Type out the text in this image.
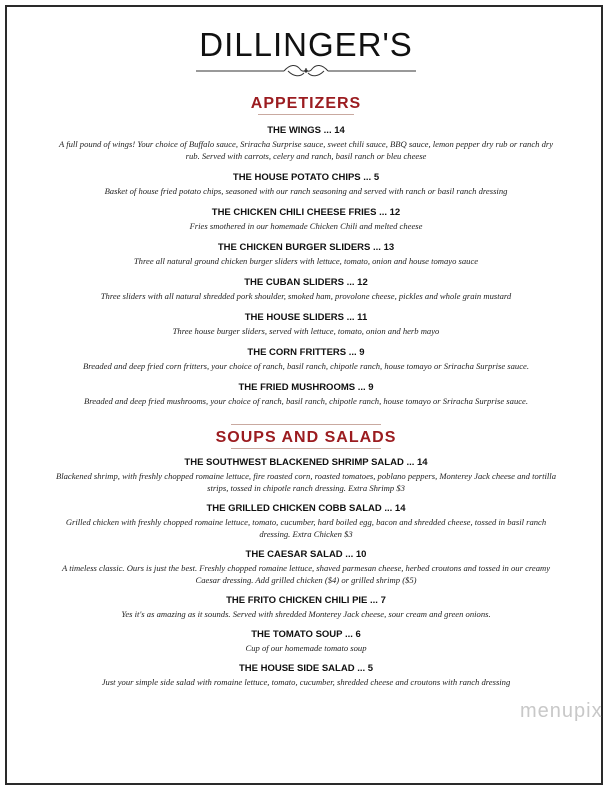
DILLINGER'S
APPETIZERS
THE WINGS ... 14
A full pound of wings! Your choice of Buffalo sauce, Sriracha Surprise sauce, sweet chili sauce, BBQ sauce, lemon pepper dry rub or ranch dry rub. Served with carrots, celery and ranch, basil ranch or bleu cheese
THE HOUSE POTATO CHIPS ... 5
Basket of house fried potato chips, seasoned with our ranch seasoning and served with ranch or basil ranch dressing
THE CHICKEN CHILI CHEESE FRIES ... 12
Fries smothered in our homemade Chicken Chili and melted cheese
THE CHICKEN BURGER SLIDERS ... 13
Three all natural ground chicken burger sliders with lettuce, tomato, onion and house tomayo sauce
THE CUBAN SLIDERS ... 12
Three sliders with all natural shredded pork shoulder, smoked ham, provolone cheese, pickles and whole grain mustard
THE HOUSE SLIDERS ... 11
Three house burger sliders, served with lettuce, tomato, onion and herb mayo
THE CORN FRITTERS ... 9
Breaded and deep fried corn fritters, your choice of ranch, basil ranch, chipotle ranch, house tomayo or Sriracha Surprise sauce.
THE FRIED MUSHROOMS ... 9
Breaded and deep fried mushrooms, your choice of ranch, basil ranch, chipotle ranch, house tomayo or Sriracha Surprise sauce.
SOUPS AND SALADS
THE SOUTHWEST BLACKENED SHRIMP SALAD ... 14
Blackened shrimp, with freshly chopped romaine lettuce, fire roasted corn, roasted tomatoes, poblano peppers, Monterey Jack cheese and tortilla strips, tossed in chipotle ranch dressing. Extra Shrimp $3
THE GRILLED CHICKEN COBB SALAD ... 14
Grilled chicken with freshly chopped romaine lettuce, tomato, cucumber, hard boiled egg, bacon and shredded cheese, tossed in basil ranch dressing. Extra Chicken $3
THE CAESAR SALAD ... 10
A timeless classic. Ours is just the best. Freshly chopped romaine lettuce, shaved parmesan cheese, herbed croutons and tossed in our creamy Caesar dressing. Add grilled chicken ($4) or grilled shrimp ($5)
THE FRITO CHICKEN CHILI PIE ... 7
Yes it's as amazing as it sounds. Served with shredded Monterey Jack cheese, sour cream and green onions.
THE TOMATO SOUP ... 6
Cup of our homemade tomato soup
THE HOUSE SIDE SALAD ... 5
Just your simple side salad with romaine lettuce, tomato, cucumber, shredded cheese and croutons with ranch dressing
menupix
